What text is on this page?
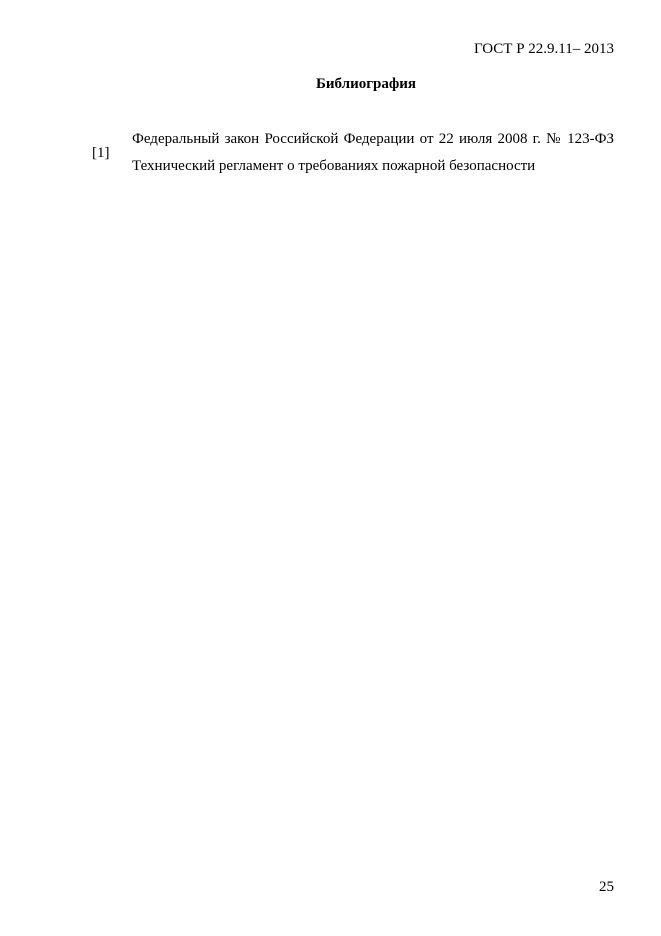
ГОСТ Р 22.9.11– 2013
Библиография
[1]
Федеральный закон Российской Федерации от 22 июля 2008 г. № 123-ФЗ Технический регламент о требованиях пожарной безопасности
25
